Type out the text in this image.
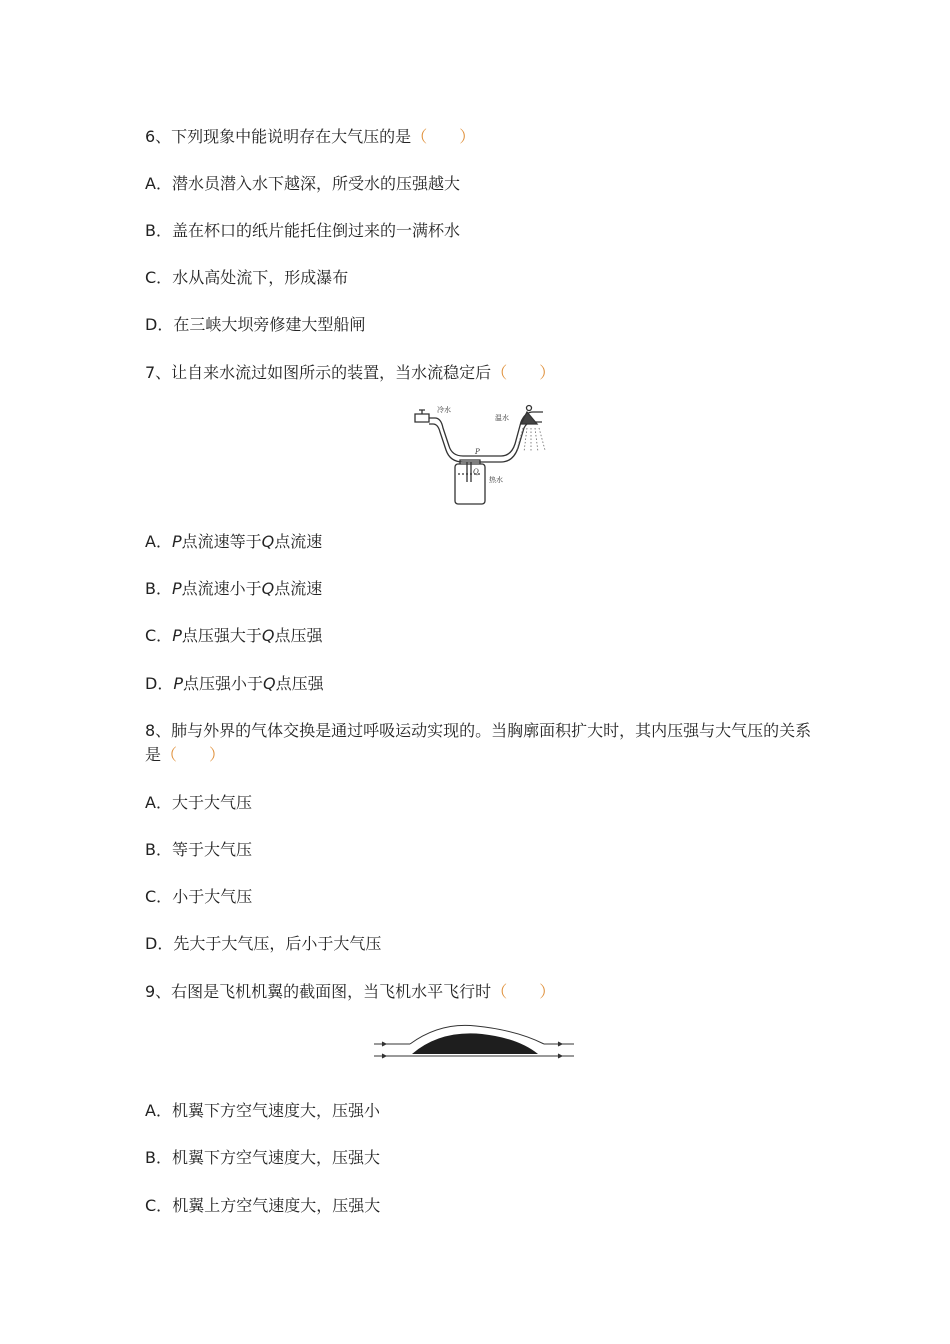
6、下列现象中能说明存在大气压的是（　　）
A．潜水员潜入水下越深，所受水的压强越大
B．盖在杯口的纸片能托住倒过来的一满杯水
C．水从高处流下，形成瀑布
D．在三峡大坝旁修建大型船闸
7、让自来水流过如图所示的装置，当水流稳定后（　　）
冷水
温水
热水
P
Q
A．P点流速等于Q点流速
B．P点流速小于Q点流速
C．P点压强大于Q点压强
D．P点压强小于Q点压强
8、肺与外界的气体交换是通过呼吸运动实现的。当胸廓面积扩大时，其内压强与大气压的关系是（　　）
A．大于大气压
B．等于大气压
C．小于大气压
D．先大于大气压，后小于大气压
9、右图是飞机机翼的截面图，当飞机水平飞行时（　　）
A．机翼下方空气速度大，压强小
B．机翼下方空气速度大，压强大
C．机翼上方空气速度大，压强大
